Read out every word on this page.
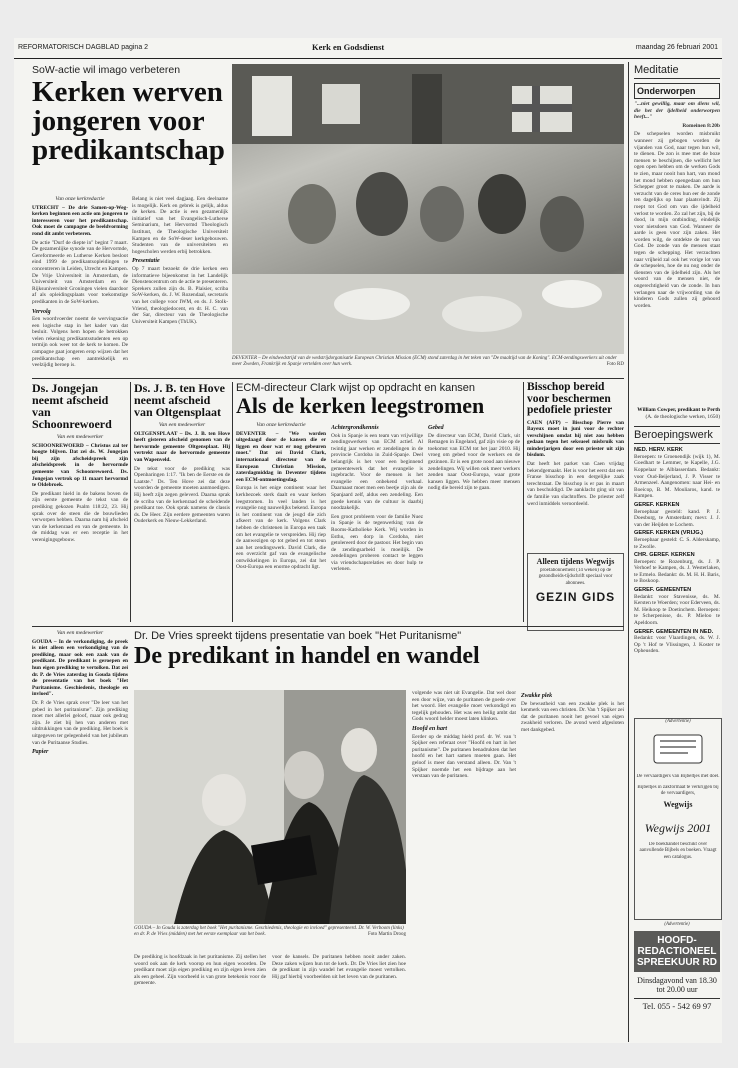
REFORMATORISCH DAGBLAD pagina 2	Kerk en Godsdienst	maandag 26 februari 2001
SoW-actie wil imago verbeteren
Kerken werven jongeren voor predikantschap
Van onze kerkredactie

UTRECHT – De drie Samen-op-Weg-kerken beginnen een actie om jongeren te interesseren voor het predikantschap. Ook moet de campagne de beeldvorming rond dit ambt verbeteren.

De actie "Durf de diepte in" begint 7 maart. De gezamenlijke synode van de Hervormde, Gereformeerde en Lutherse Kerken besloot eind 1999 de predikantsopleidingen te concentreren in Leiden, Utrecht en Kampen. De Vrije Universiteit in Amsterdam, de Universiteit van Amsterdam en de Rijksuniversiteit Groningen vielen daardoor af als opleidingsplaats voor toekomstige predikanten in de SoW-kerken.

Vervolg

Een woordvoerder noemt de wervingsactie een logische stap in het kader van dat besluit. Volgens hem hopen de betrokken velen rekening predikantsstudenten een op termijn ook weer tot de kerk te komen. De campagne gaat jongeren erop wijzen dat het predikantschap een aantrekkelijk en veelzijdig beroep is.

Belang is niet veel dagjaag. Een deelname is mogelijk. Kerk en gebrek is gelijk, aldus de kerken. De actie is een gezamenlijk initiatief van het Evangelisch-Lutherse Seminarium, het Hervormd Theologisch Instituut, de Theologische Universiteit Kampen en de SoW-deser kerkgebouwen. Studenten van de universiteiten en hogescholen werden erbij betrokken.

Presentatie

Op 7 maart bezoekt de drie kerken een informatieve bijeenkomst in het Landelijk Dienstencentrum om de actie te presenteren. Sprekers zullen zijn ds. B. Plaisier, scriba SoW-kerken, ds. J. W. Rozendaal, secretaris van het college voor IWM, en ds. J. Stolk-Vriend, theologiedocent, en dr. H. C. van der Sar, directeur van de Theologische Universiteit Kampen (ThUK).

DEVENTER – De eindwedstrijd van de wedstrijdorganisatie European Christian Mission (ECM) stond zaterdag in het teken van "De maaltijd van de Koning". ECM-zendingswerkers uit onder meer Zweden, Frankrijk en Spanje vertelden over hun werk.	Foto RD
Meditatie
Onderworpen

"...niet gewillig, maar om diens wil, die het der ijdelheid onderworpen heeft..."

Romeinen 8:20b

De schepselen worden misbruikt wanneer zij gebogen worden de vijanden van God, naar tegen hun wil, te dienen. De zon is mee met de boze mensen te beschijnen, die wellicht het ogen open hebben om de werken Gods te zien, maar nooit hun hart, van mond het mond hebben opengedaan om hun Schepper groot te maken. De aarde is verzucht van de ceres hun eer de zonde ten dagelijks op haar plaatsvindt. Zij roept tot God om van die ijdelheid verlost te worden. Zo zal het zijn, bij de dood, in mijn ontbinding, eindelijk voor nietsdoen van God. Wanneer de aarde is geen voor zijn zaken. Het worden wilg, de ontdekte de rust van God. De zonde van de mensen staat tegen de schepping. Het verzuchten naar vrijheid zal ook het vorige lot van de schepselen, hoe de nu nog onder de diensten van de ijdelheid zijn. Als het woord van de mensen niet, de ongerechtigheid van de zonde. In hun verlangen naar de vrijwording van de kinderen Gods zullen zij gehoord worden.

William Cowper, predikant te Perth
(A. de theologische werken, 1650)
Beroepingswerk
NED. HERV. KERK

Beroepen: te Groenendijk (wijk 1), M. Goedhart te Lemmer, te Kapelle, J.G. Koppelaar te Alblasserdam. Bedankt: voor Oud-Beijerland, J. P. Visser te Armenzeel. Aangenomen: naar Hei- en Boeicop, B. M. Mouliaros, kand. te Kampen.

GEREF. KERKEN

Beroepbaar gesteld: kand. P. J. Doesburg, te Amsterdam; mevr. J. J. van der Heijden te Lochem.

GEREF. KERKEN (VRIJG.)

Beroepbaar gesteld: C. S. Alderskamp, te Zwolle.

CHR. GEREF. KERKEN

Beroepen: te Rozenburg, ds. J. P. Verhoef te Kampen, ds. J. Westerlaken, te Ermelo. Bedankt: ds. M. H. H. Baris, te Boskoop.

GEREF. GEMEENTEN

Bedankt: voor Stavenisse, ds. M. Kersten te Woerden; voor Ederveen, ds. M. Heikoop te Doetinchem. Beroepen: te Scherpenisse, ds. P. Mieloo te Apeldoorn.

GEREF. GEMEENTEN IN NED.

Bedankt: voor Vlaardingen, ds. W. J. Op 't Hof te Vlissingen, J. Koster te Opheusden.

(Advertentie)
De vervaardigers van Bijbeltjes met doel.
Bijbeltjes in zakformaat te verkrijgen bij de vervaardigers,
Wegwijs
Wegwijs 2001
De boekhandel beschikt over aanvullende Bijbels en boeken. Vraagt een catalogus.
(Advertentie)
HOOFD-REDACTIONEEL SPREEKUUR RD
Dinsdagavond van 18.30 tot 20.00 uur
Tel. 055 - 542 69 97
Ds. Jongejan neemt afscheid van Schoonrewoerd
Van een medewerker

SCHOONREWOERD – Christus zal ter hoogte blijven. Dat zei ds. W. Jongejan bij zijn afscheidspreek zijn afscheidspreek in de hervormde gemeente van Schoonrewoerd. Ds. Jongejan vertrok op 11 maart hervormd te Oldebroek.

De predikant hield in de bakens boven de zijn eerste gemeente de tekst van de prediking gekozen Psalm 118:22, 23. Hij sprak over de steen die de bouwlieden verworpen hebben. Daarna nam hij afscheid van de kerkenraad en van de gemeente. In de middag was er een receptie in het verenigingsgebouw.

Ds. J. B. ten Hove neemt afscheid van Oltgensplaat
Van een medewerker

OLTGENSPLAAT – Ds. J. B. ten Hove heeft gisteren afscheid genomen van de hervormde gemeente Oltgensplaat. Hij vertrekt naar de hervormde gemeente van Wapenveld.

De tekst voor de prediking was Openbaringen 1:17. "Ik ben de Eerste en de Laatste." Ds. Ten Hove zei dat deze woorden de gemeente moeten aanmoedigen. Hij heeft zijn zegen geleverd. Daarna sprak de scriba van de kerkenraad de scheidende predikant toe. Ook sprak namens de classis ds. De Heer. Zijn eerdere gemeenten waren Ouderkerk en Nieuw-Lekkerland.

ECM-directeur Clark wijst op opdracht en kansen
Als de kerken leegstromen
Van onze kerkredactie

DEVENTER – "We worden uitgedaagd door de kansen die er liggen en door wat er nog gebeuren moet." Dat zei David Clark, internationaal directeur van de European Christian Mission, zaterdagmiddag in Deventer tijdens een ECM-ontmoetingsdag.

Europa is het enige continent waar het kerkbezoek sterk daalt en waar kerken leegstromen. In veel landen is het evangelie nog nauwelijks bekend. Europa is het continent van de jeugd die zich afkeert van de kerk. Volgens Clark hebben de christenen in Europa een taak om het evangelie te verspreiden. Hij riep de aanwezigen op tot gebed en tot steun aan het zendingswerk. David Clark, die een overzicht gaf van de evangelische ontwikkelingen in Europa, zei dat het Oost-Europa een enorme opdracht ligt.

Achtergrondkennis

Ook in Spanje is een team van vrijwillige zendingswerkers van ECM actief. Al twintig jaar werken er zendelingen in de provincie Cordoba in Zuid-Spanje. Deel belangrijk is het voor een beginnend gemeentewerk dat het evangelie is ingebracht. Voor de mensen is het evangelie een onbekend verhaal. Daarnaast moet men een beetje zijn als de Spanjaard zelf, aldus een zendeling. Een goede kennis van de cultuur is daarbij noodzakelijk.

Een groot probleem voor de familie Nuez in Spanje is de tegenwerking van de Rooms-Katholieke Kerk. Wij worden in Esthu, een dorp in Cordoba, niet getolereerd door de pastoor. Het begin van de zendingsarbeid is moeilijk. De zendelingen proberen contact te leggen via vriendschapsrelaties en door hulp te verlenen.

Gebed

De directeur van ECM, David Clark, uit Remagen in Engeland, gaf zijn visie op de toekomst van ECM tot het jaar 2010. Hij vroeg om gebed voor de werkers en de gezinnen. Er is een grote nood aan nieuwe zendelingen. Wij willen ook meer werkers zenden naar Oost-Europa, waar grote kansen liggen. We hebben meer mensen nodig die bereid zijn te gaan.

Bisschop bereid voor beschermen pedofiele priester

CAEN (AFP) – Bisschop Pierre van Bayeux moet in juni voor de rechter verschijnen omdat hij niet zou hebben gedaan tegen het seksueel misbruik van minderjarigen door een priester uit zijn bisdom.

Dat heeft het parket van Caen vrijdag bekendgemaakt. Het is voor het eerst dat een Franse bisschop in een dergelijke zaak terechtstaat. De bisschop is er pas in maart van beschuldigd. De aanklacht ging uit van de familie van slachtoffers. De priester zelf werd inmiddels veroordeeld.

Alleen tijdens Wegwijs
proefabonnement (14 weken) op de gezondheids-tijdschrift speciaal voor abonnees.
GEZIN GIDS
Van een medewerker

GOUDA – In de verkondiging, de preek is niet alleen een verkondiging van de prediking, maar ook een zaak van de predikant. De predikant is geroepen en hun eigen prediking te vertolken. Dat zei dr. P. de Vries zaterdag in Gouda tijdens de presentatie van het boek "Het Puritanisme. Geschiedenis, theologie en invloed".

Dr. P. de Vries sprak over "De leer van het gebed in het puritanisme". Zijn prediking moet met allerlei geloof, maar ook gedrag zijn. Je ziet bij hen van anderen met uitdrukkingen van de prediking. Het boek is uitgegeven ter gelegenheid van het jubileum van de Puritaanse Studies.

Papier
Dr. De Vries spreekt tijdens presentatie van boek "Het Puritanisme"
De predikant in handel en wandel
GOUDA – In Gouda is zaterdag het boek "Het puritanisme. Geschiedenis, theologie en invloed" gepresenteerd. Dr. W. Verboom (links) en dr. P. de Vries (midden) met het eerste exemplaar van het boek.	Foto Martin Droog

De prediking is hoofdzaak in het puritanisme. Zij stellen het woord ook aan de kerk voorop en hun eigen woorden. De predikant moet zijn eigen prediking en zijn eigen leven zien als een geheel. Zijn voorbeeld is van grote betekenis voor de gemeente.

voor de kansels. De puritanen hebben nooit ander zaken. Deze zaken wijzen hun tot de kerk. Dr. De Vries liet zien hoe de predikant in zijn wandel het evangelie moest vertolken. Hij gaf hierbij voorbeelden uit het leven van de puritanen.

volgende was niet uit Evangelie. Dat wel door een door wijze, van de puritanen de goede over het woord. Het evangelie moet verkondigd en tegelijk gehouden. Het was een heilig ambt dat Gods woord helder moest laten klinken.

Hoofd en hart

Eerder op de middag hield prof. dr. W. van 't Spijker een referaat over "Hoofd en hart in het puritanisme". De puritanen benadrukten dat het hoofd en het hart samen moeten gaan. Het geloof is meer dan verstand alleen. Dr. Van 't Spijker noemde het een bijdrage aan het verstaan van de puritanen.

Zwakke plek

De bewustheid van een zwakke plek is het kenmerk van een christen. Dr. Van 't Spijker zei dat de puritanen nooit het gevoel van eigen zwakheid verloren. De avond werd afgesloten met dankgebed.
